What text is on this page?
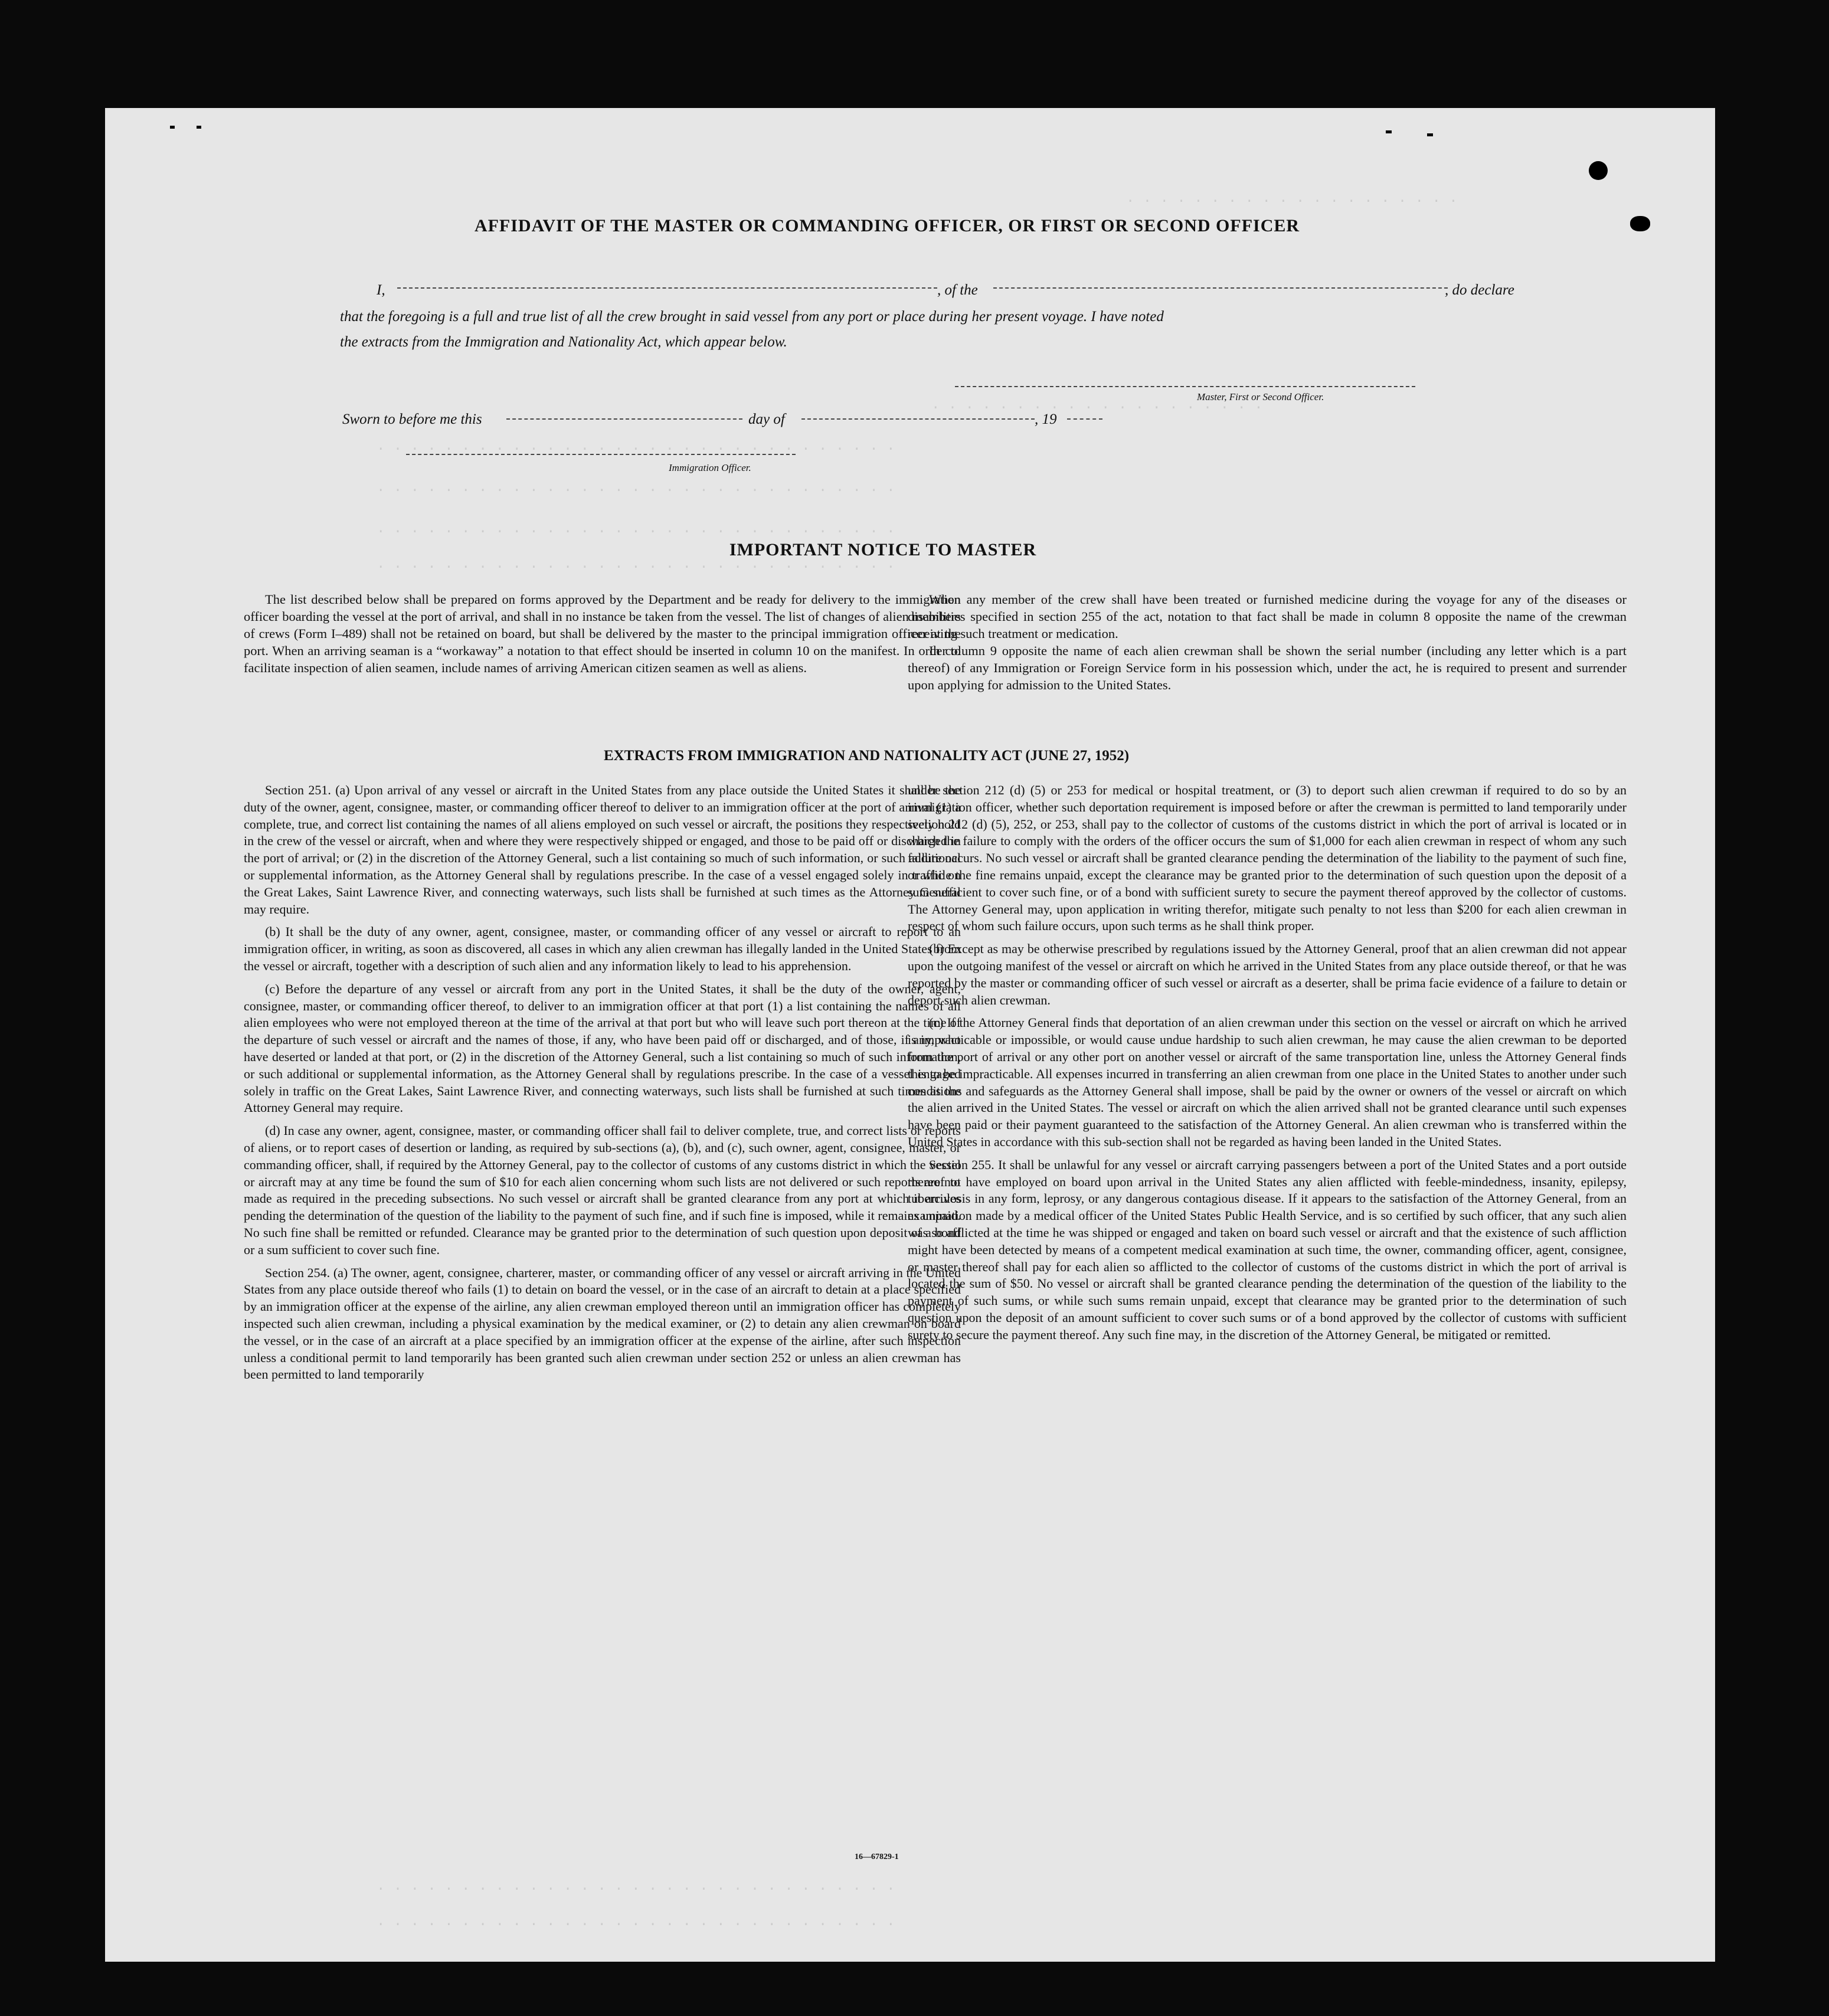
. . . . . . . . . . . . . . . . . . . .
. . . . . . . . . . . . . . . . . . . .
. . . . . . . . . . . . . . . . . . . . . . . . . . . . . . .
. . . . . . . . . . . . . . . . . . . . . . . . . . . . . . .
. . . . . . . . . . . . . . . . . . . . . . . . . . . . . . .
. . . . . . . . . . . . . . . . . . . . . . . . . . . . . . .
. . . . . . . . . . . . . . . . . . . . . . . . . . . . . . .
. . . . . . . . . . . . . . . . . . . . . . . . . . . . . . .
AFFIDAVIT OF THE MASTER OR COMMANDING OFFICER, OR FIRST OR SECOND OFFICER
I,	, of the	, do declare
that the foregoing is a full and true list of all the crew brought in said vessel from any port or place during her present voyage. I have noted
the extracts from the Immigration and Nationality Act, which appear below.
Master, First or Second Officer.
Sworn to before me this	day of	, 19
Immigration Officer.
IMPORTANT NOTICE TO MASTER
The list described below shall be prepared on forms approved by the Department and be ready for delivery to the immigration officer boarding the vessel at the port of arrival, and shall in no instance be taken from the vessel. The list of changes of alien members of crews (Form I–489) shall not be retained on board, but shall be delivered by the master to the principal immigration officer at the port. When an arriving seaman is a “workaway” a notation to that effect should be inserted in column 10 on the manifest. In order to facilitate inspection of alien seamen, include names of arriving American citizen seamen as well as aliens.
When any member of the crew shall have been treated or furnished medicine during the voyage for any of the diseases or disabilities specified in section 255 of the act, notation to that fact shall be made in column 8 opposite the name of the crewman receiving such treatment or medication.
In column 9 opposite the name of each alien crewman shall be shown the serial number (including any letter which is a part thereof) of any Immigration or Foreign Service form in his possession which, under the act, he is required to present and surrender upon applying for admission to the United States.
EXTRACTS FROM IMMIGRATION AND NATIONALITY ACT (JUNE 27, 1952)

Section 251. (a) Upon arrival of any vessel or aircraft in the United States from any place outside the United States it shall be the duty of the owner, agent, consignee, master, or commanding officer thereof to deliver to an immigration officer at the port of arrival (1) a complete, true, and correct list containing the names of all aliens employed on such vessel or aircraft, the positions they respectively hold in the crew of the vessel or aircraft, when and where they were respectively shipped or engaged, and those to be paid off or discharged in the port of arrival; or (2) in the discretion of the Attorney General, such a list containing so much of such information, or such additional or supplemental information, as the Attorney General shall by regulations prescribe. In the case of a vessel engaged solely in traffic on the Great Lakes, Saint Lawrence River, and connecting waterways, such lists shall be furnished at such times as the Attorney General may require.

(b) It shall be the duty of any owner, agent, consignee, master, or commanding officer of any vessel or aircraft to report to an immigration officer, in writing, as soon as discovered, all cases in which any alien crewman has illegally landed in the United States from the vessel or aircraft, together with a description of such alien and any information likely to lead to his apprehension.

(c) Before the departure of any vessel or aircraft from any port in the United States, it shall be the duty of the owner, agent, consignee, master, or commanding officer thereof, to deliver to an immigration officer at that port (1) a list containing the names of all alien employees who were not employed thereon at the time of the arrival at that port but who will leave such port thereon at the time of the departure of such vessel or aircraft and the names of those, if any, who have been paid off or discharged, and of those, if any, who have deserted or landed at that port, or (2) in the discretion of the Attorney General, such a list containing so much of such information, or such additional or supplemental information, as the Attorney General shall by regulations prescribe. In the case of a vessel engaged solely in traffic on the Great Lakes, Saint Lawrence River, and connecting waterways, such lists shall be furnished at such times as the Attorney General may require.

(d) In case any owner, agent, consignee, master, or commanding officer shall fail to deliver complete, true, and correct lists or reports of aliens, or to report cases of desertion or landing, as required by sub-sections (a), (b), and (c), such owner, agent, consignee, master, or commanding officer, shall, if required by the Attorney General, pay to the collector of customs of any customs district in which the vessel or aircraft may at any time be found the sum of $10 for each alien concerning whom such lists are not delivered or such reports are not made as required in the preceding subsections. No such vessel or aircraft shall be granted clearance from any port at which it arrives pending the determination of the question of the liability to the payment of such fine, and if such fine is imposed, while it remains unpaid. No such fine shall be remitted or refunded. Clearance may be granted prior to the determination of such question upon deposit of a bond or a sum sufficient to cover such fine.

Section 254. (a) The owner, agent, consignee, charterer, master, or commanding officer of any vessel or aircraft arriving in the United States from any place outside thereof who fails (1) to detain on board the vessel, or in the case of an aircraft to detain at a place specified by an immigration officer at the expense of the airline, any alien crewman employed thereon until an immigration officer has completely inspected such alien crewman, including a physical examination by the medical examiner, or (2) to detain any alien crewman on board the vessel, or in the case of an aircraft at a place specified by an immigration officer at the expense of the airline, after such inspection unless a conditional permit to land temporarily has been granted such alien crewman under section 252 or unless an alien crewman has been permitted to land temporarily

under section 212 (d) (5) or 253 for medical or hospital treatment, or (3) to deport such alien crewman if required to do so by an immigration officer, whether such deportation requirement is imposed before or after the crewman is permitted to land temporarily under section 212 (d) (5), 252, or 253, shall pay to the collector of customs of the customs district in which the port of arrival is located or in which the failure to comply with the orders of the officer occurs the sum of $1,000 for each alien crewman in respect of whom any such failure occurs. No such vessel or aircraft shall be granted clearance pending the determination of the liability to the payment of such fine, or while the fine remains unpaid, except the clearance may be granted prior to the determination of such question upon the deposit of a sum sufficient to cover such fine, or of a bond with sufficient surety to secure the payment thereof approved by the collector of customs. The Attorney General may, upon application in writing therefor, mitigate such penalty to not less than $200 for each alien crewman in respect of whom such failure occurs, upon such terms as he shall think proper.

(b) Except as may be otherwise prescribed by regulations issued by the Attorney General, proof that an alien crewman did not appear upon the outgoing manifest of the vessel or aircraft on which he arrived in the United States from any place outside thereof, or that he was reported by the master or commanding officer of such vessel or aircraft as a deserter, shall be prima facie evidence of a failure to detain or deport such alien crewman.

(c) If the Attorney General finds that deportation of an alien crewman under this section on the vessel or aircraft on which he arrived is impracticable or impossible, or would cause undue hardship to such alien crewman, he may cause the alien crewman to be deported from the port of arrival or any other port on another vessel or aircraft of the same transportation line, unless the Attorney General finds this to be impracticable. All expenses incurred in transferring an alien crewman from one place in the United States to another under such conditions and safeguards as the Attorney General shall impose, shall be paid by the owner or owners of the vessel or aircraft on which the alien arrived in the United States. The vessel or aircraft on which the alien arrived shall not be granted clearance until such expenses have been paid or their payment guaranteed to the satisfaction of the Attorney General. An alien crewman who is transferred within the United States in accordance with this sub-section shall not be regarded as having been landed in the United States.

Section 255. It shall be unlawful for any vessel or aircraft carrying passengers between a port of the United States and a port outside thereof to have employed on board upon arrival in the United States any alien afflicted with feeble-mindedness, insanity, epilepsy, tuberculosis in any form, leprosy, or any dangerous contagious disease. If it appears to the satisfaction of the Attorney General, from an examination made by a medical officer of the United States Public Health Service, and is so certified by such officer, that any such alien was so afflicted at the time he was shipped or engaged and taken on board such vessel or aircraft and that the existence of such affliction might have been detected by means of a competent medical examination at such time, the owner, commanding officer, agent, consignee, or master thereof shall pay for each alien so afflicted to the collector of customs of the customs district in which the port of arrival is located the sum of $50. No vessel or aircraft shall be granted clearance pending the determination of the question of the liability to the payment of such sums, or while such sums remain unpaid, except that clearance may be granted prior to the determination of such question upon the deposit of an amount sufficient to cover such sums or of a bond approved by the collector of customs with sufficient surety to secure the payment thereof. Any such fine may, in the discretion of the Attorney General, be mitigated or remitted.

16—67829-1
